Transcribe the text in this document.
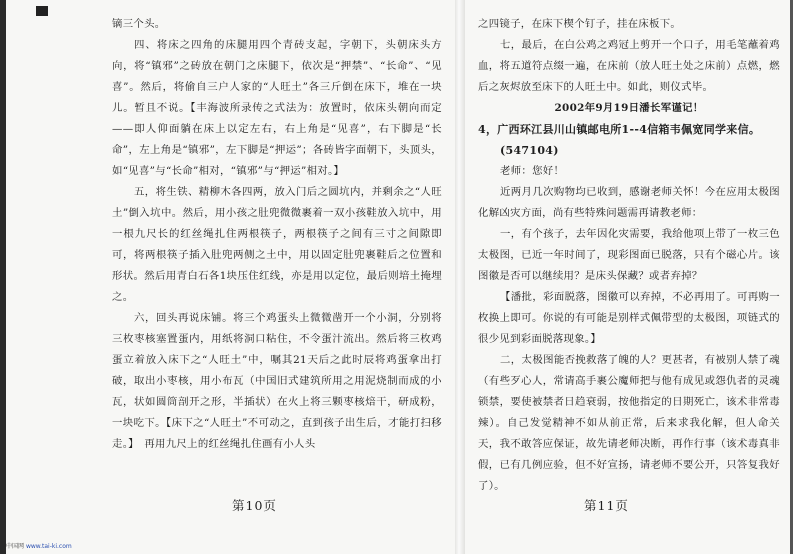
镝三个头。

四、将床之四角的床腿用四个青砖支起，字朝下，头朝床头方向，将“镇邪”之砖放在朝门之床腿下，依次是“押禁”、“长命”、“见喜”。然后，将偷自三户人家的“人旺土”各三斤倒在床下，堆在一块儿。暂且不说。【丰海波所录传之式法为：放置时，依床头朝向而定——即人仰面躺在床上以定左右，右上角是“见喜”，右下脚是“长命”，左上角是“镇邪”，左下脚是“押运”；各砖皆字面朝下，头顶头，如“见喜”与“长命”相对，“镇邪”与“押运”相对。】

五，将生铁、精柳木各四两，放入门后之圆坑内，并剩余之“人旺土”倒入坑中。然后，用小孩之肚兜微微裹着一双小孩鞋放入坑中，用一根九尺长的红丝绳扎住两根筷子，两根筷子之间有三寸之间隙即可，将两根筷子插入肚兜两侧之土中，用以固定肚兜裹鞋后之位置和形状。然后用青白石各1块压住红线，亦是用以定位，最后则培土掩埋之。

六，回头再说床铺。将三个鸡蛋头上微微凿开一个小洞，分别将三枚枣核塞置蛋内，用纸将洞口粘住，不令蛋汁流出。然后将三枚鸡蛋立着放入床下之“人旺土”中，嘱其21天后之此时辰将鸡蛋拿出打破，取出小枣核，用小布瓦（中国旧式建筑所用之用泥烧制而成的小瓦，状如圆筒剖开之形，半插状）在火上将三颗枣核焙干，研成粉，一块吃下。【床下之“人旺土”不可动之，直到孩子出生后，才能打扫移走。】　再用九尺上的红丝绳扎住画有小人头

第10页

之四镜子，在床下楔个钉子，挂在床板下。

七，最后，在白公鸡之鸡冠上剪开一个口子，用毛笔蘸着鸡血，将五道符点缀一遍，在床前（放人旺土处之床前）点燃，燃后之灰烬放至床下的人旺土中。如此，则仪式毕。

2002年9月19日潘长军谨记！

4，广西环江县川山镇邮电所1--4信箱韦佩宽同学来信。

(547104)

老师：您好！

近两月几次购物均已收到，感谢老师关怀！今在应用太极图化解凶灾方面，尚有些特殊问题需再请教老师：

一，有个孩子，去年因化灾需要，我给他项上带了一枚三色太极图，已近一年时间了，现彩图面已脱落，只有个磁心片。该图徽是否可以继续用？是床头保藏？或者弃掉？

【潘批，彩面脱落，图徽可以弃掉，不必再用了。可再购一枚换上即可。你说的有可能是别样式佩带型的太极图，项链式的很少见到彩面脱落现象。】

二，太极图能否挽救落了魄的人？更甚者，有被别人禁了魂（有些歹心人，常请高手裹公魔师把与他有成见或怨仇者的灵魂锁禁，要使被禁者日趋衰弱，按他指定的日期死亡，该术非常毒辣）。自己发觉精神不如从前正常，后来求我化解，但人命关天，我不敢答应保证，故先请老师决断，再作行事（该术毒真非假，已有几例应验，但不好宣扬，请老师不要公开，只答复我好了）。

第11页
中国网 www.tai-ki.com
